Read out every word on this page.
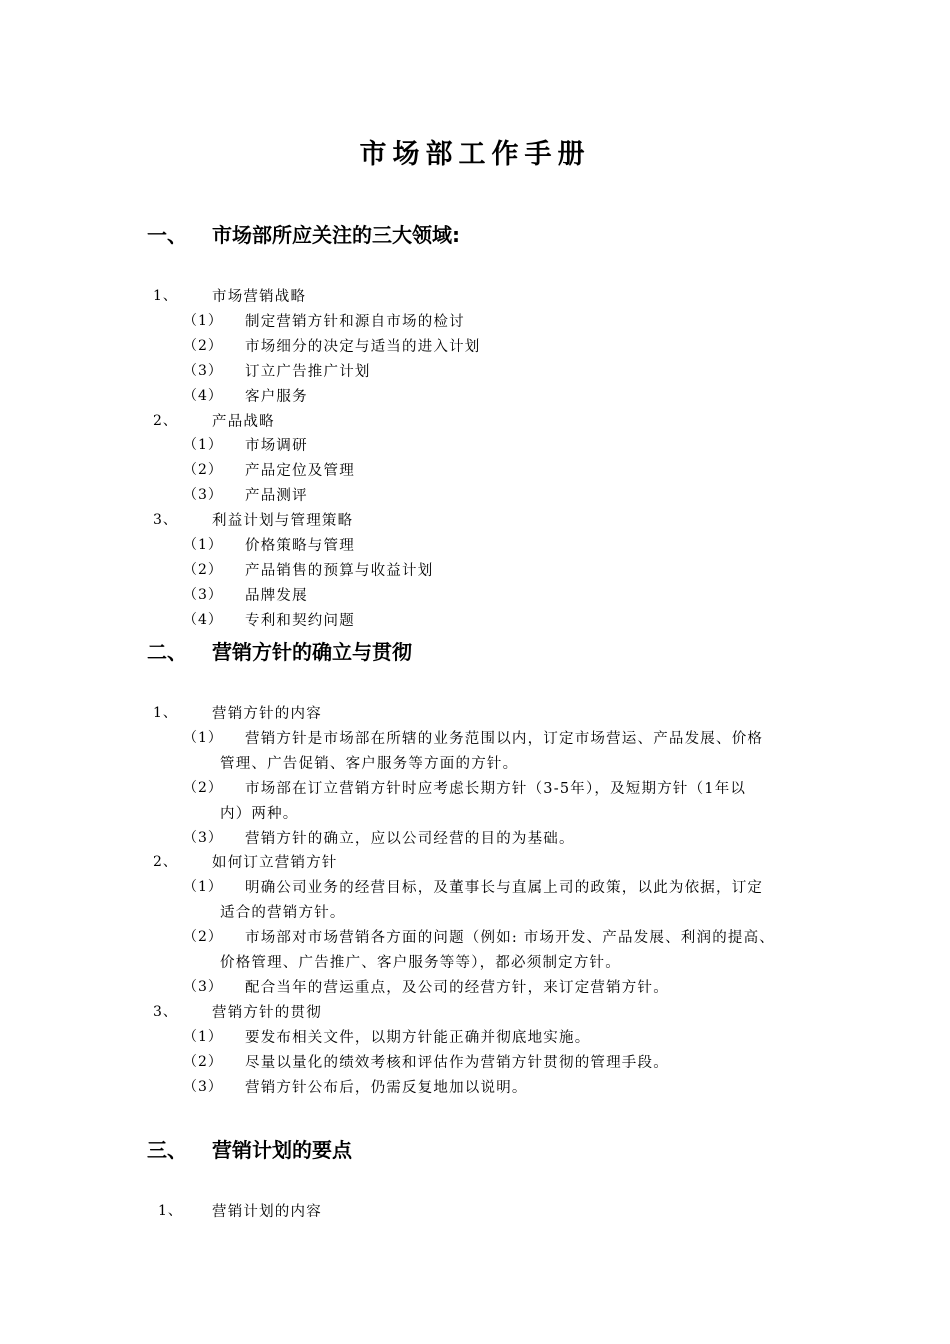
市场部工作手册
一、 市场部所应关注的三大领域:
1、 市场营销战略
（1） 制定营销方针和源自市场的检讨
（2） 市场细分的决定与适当的进入计划
（3） 订立广告推广计划
（4） 客户服务
2、 产品战略
（1） 市场调研
（2） 产品定位及管理
（3） 产品测评
3、 利益计划与管理策略
（1） 价格策略与管理
（2） 产品销售的预算与收益计划
（3） 品牌发展
（4） 专利和契约问题
二、 营销方针的确立与贯彻
1、 营销方针的内容
（1） 营销方针是市场部在所辖的业务范围以内，订定市场营运、产品发展、价格
管理、广告促销、客户服务等方面的方针。
（2） 市场部在订立营销方针时应考虑长期方针（3-5年），及短期方针（1年以
内）两种。
（3） 营销方针的确立，应以公司经营的目的为基础。
2、 如何订立营销方针
（1） 明确公司业务的经营目标，及董事长与直属上司的政策，以此为依据，订定
适合的营销方针。
（2） 市场部对市场营销各方面的问题（例如: 市场开发、产品发展、利润的提高、
价格管理、广告推广、客户服务等等），都必须制定方针。
（3） 配合当年的营运重点，及公司的经营方针，来订定营销方针。
3、 营销方针的贯彻
（1） 要发布相关文件，以期方针能正确并彻底地实施。
（2） 尽量以量化的绩效考核和评估作为营销方针贯彻的管理手段。
（3） 营销方针公布后，仍需反复地加以说明。
三、 营销计划的要点
1、 营销计划的内容
